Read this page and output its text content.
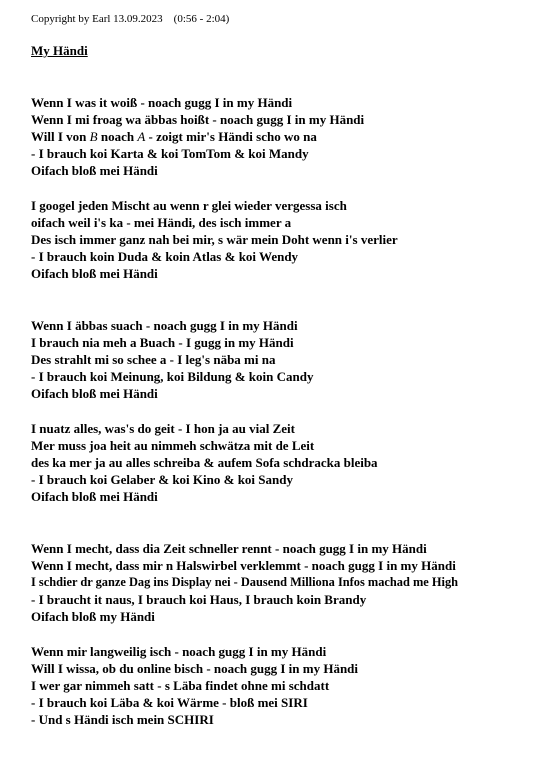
Copyright by Earl 13.09.2023    (0:56 - 2:04)
My Händi
Wenn I was it woiß - noach gugg I in my Händi
Wenn I mi froag wa äbbas hoißt - noach gugg I in my Händi
Will I von B noach A - zoigt mir's Händi scho wo na
- I brauch koi Karta & koi TomTom & koi Mandy
Oifach bloß mei Händi
I googel jeden Mischt au wenn r glei wieder vergessa isch
oifach weil i's ka - mei Händi, des isch immer a
Des isch immer ganz nah bei mir, s wär mein Doht wenn i's verlier
- I brauch koin Duda & koin Atlas & koi Wendy
Oifach bloß mei Händi
Wenn I äbbas suach - noach gugg I in my Händi
I brauch nia meh a Buach - I gugg in my Händi
Des strahlt mi so schee a - I leg's näba mi na
- I brauch koi Meinung, koi Bildung & koin Candy
Oifach bloß mei Händi
I nuatz alles, was's do geit - I hon ja au vial Zeit
Mer muss joa heit au nimmeh schwätza mit de Leit
des ka mer ja au alles schreiba & aufem Sofa schdracka bleiba
- I brauch koi Gelaber & koi Kino & koi Sandy
Oifach bloß mei Händi
Wenn I mecht, dass dia Zeit schneller rennt - noach gugg I in my Händi
Wenn I mecht, dass mir n Halswirbel verklemmt - noach gugg I in my Händi
I schdier dr ganze Dag ins Display nei - Dausend Milliona Infos machad me High
- I braucht it naus, I brauch koi Haus, I brauch koin Brandy
Oifach bloß my Händi
Wenn mir langweilig isch - noach gugg I in my Händi
Will I wissa, ob du online bisch - noach gugg I in my Händi
I wer gar nimmeh satt - s Läba findet ohne mi schdatt
- I brauch koi Läba & koi Wärme - bloß mei SIRI
- Und s Händi isch mein SCHIRI
